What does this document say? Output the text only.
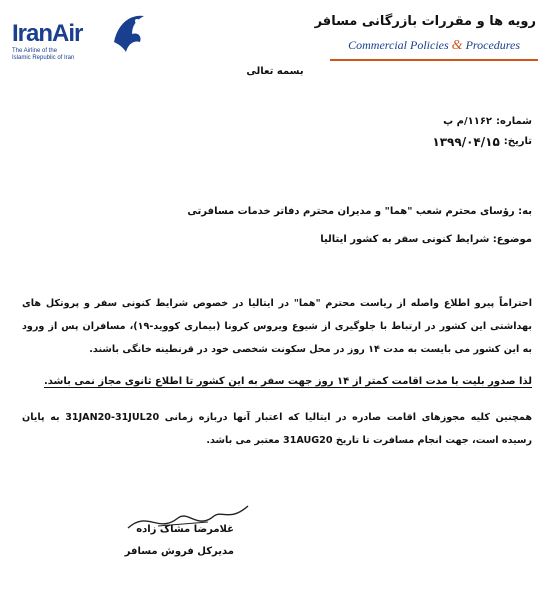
IranAir
The Airline of the
Islamic Republic of Iran
رویه ها و مقررات بازرگانی مسافر
Commercial Policies & Procedures
بسمه تعالی
شماره:
۱۱۶۲/م پ
تاریخ:
۱۳۹۹/۰۴/۱۵
به: رؤسای محترم شعب "هما" و مدیران محترم دفاتر خدمات مسافرتی
موضوع: شرایط کنونی سفر به کشور ایتالیا
احتراماً پیرو اطلاع واصله از ریاست محترم "هما" در ایتالیا در خصوص شرایط کنونی سفر و پروتکل های بهداشتی این کشور در ارتباط با جلوگیری از شیوع ویروس کرونا (بیماری کووید-۱۹)، مسافران پس از ورود به این کشور می بایست به مدت ۱۴ روز در محل سکونت شخصی خود در قرنطینه خانگی باشند.
لذا صدور بلیت با مدت اقامت کمتر از ۱۴ روز جهت سفر به این کشور تا اطلاع ثانوی مجاز نمی باشد.
همچنین کلیه مجوزهای اقامت صادره در ایتالیا که اعتبار آنها دربازه زمانی 31JAN20-31JUL20 به پایان رسیده است، جهت انجام مسافرت تا تاریخ 31AUG20 معتبر می باشد.
غلامرضا مشاک زاده
مدیرکل فروش مسافر
